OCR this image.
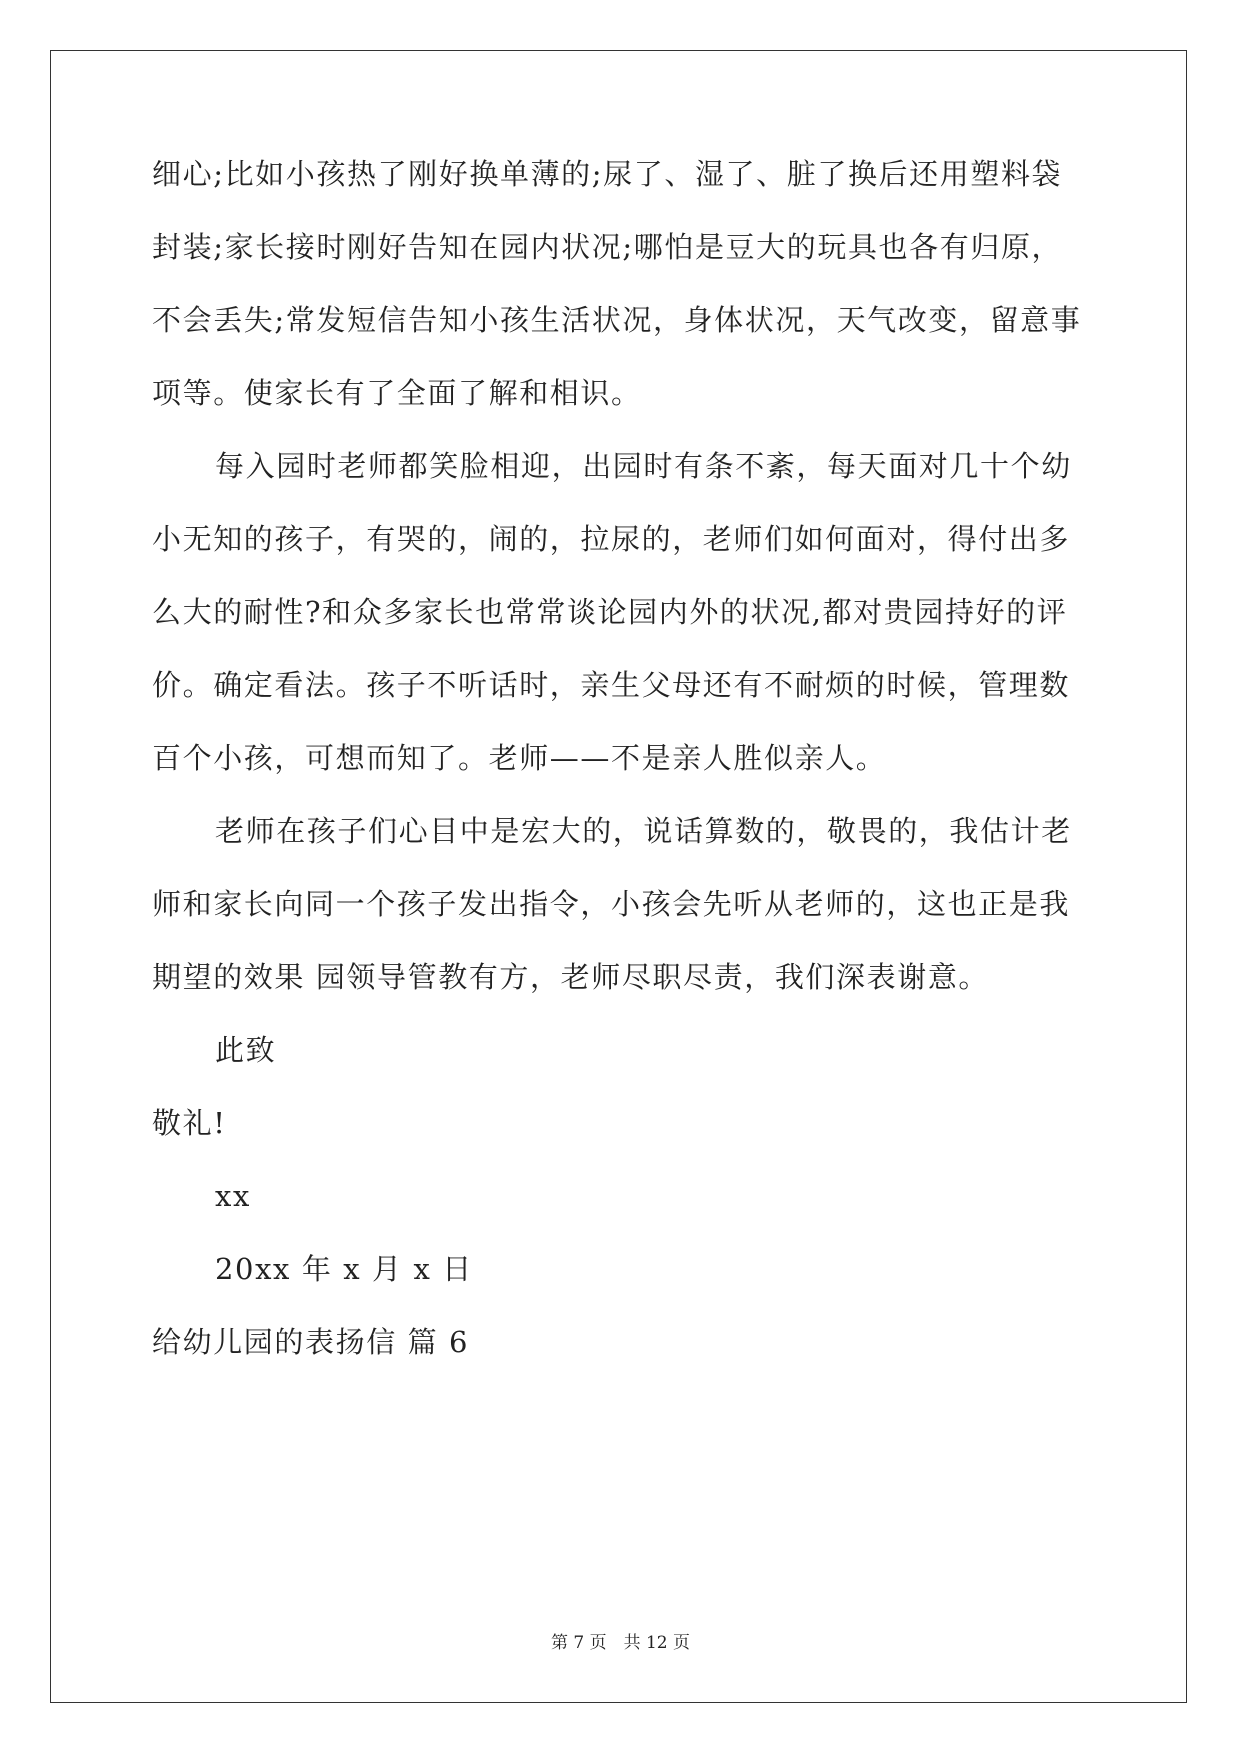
细心;比如小孩热了刚好换单薄的;尿了、湿了、脏了换后还用塑料袋
封装;家长接时刚好告知在园内状况;哪怕是豆大的玩具也各有归原，
不会丢失;常发短信告知小孩生活状况，身体状况，天气改变，留意事
项等。使家长有了全面了解和相识。
每入园时老师都笑脸相迎，出园时有条不紊，每天面对几十个幼
小无知的孩子，有哭的，闹的，拉尿的，老师们如何面对，得付出多
么大的耐性?和众多家长也常常谈论园内外的状况,都对贵园持好的评
价。确定看法。孩子不听话时，亲生父母还有不耐烦的时候，管理数
百个小孩，可想而知了。老师——不是亲人胜似亲人。
老师在孩子们心目中是宏大的，说话算数的，敬畏的，我估计老
师和家长向同一个孩子发出指令，小孩会先听从老师的，这也正是我
期望的效果 园领导管教有方，老师尽职尽责，我们深表谢意。
此致
敬礼!
xx
20xx 年 x 月 x 日
给幼儿园的表扬信 篇 6
第 7 页　共 12 页
